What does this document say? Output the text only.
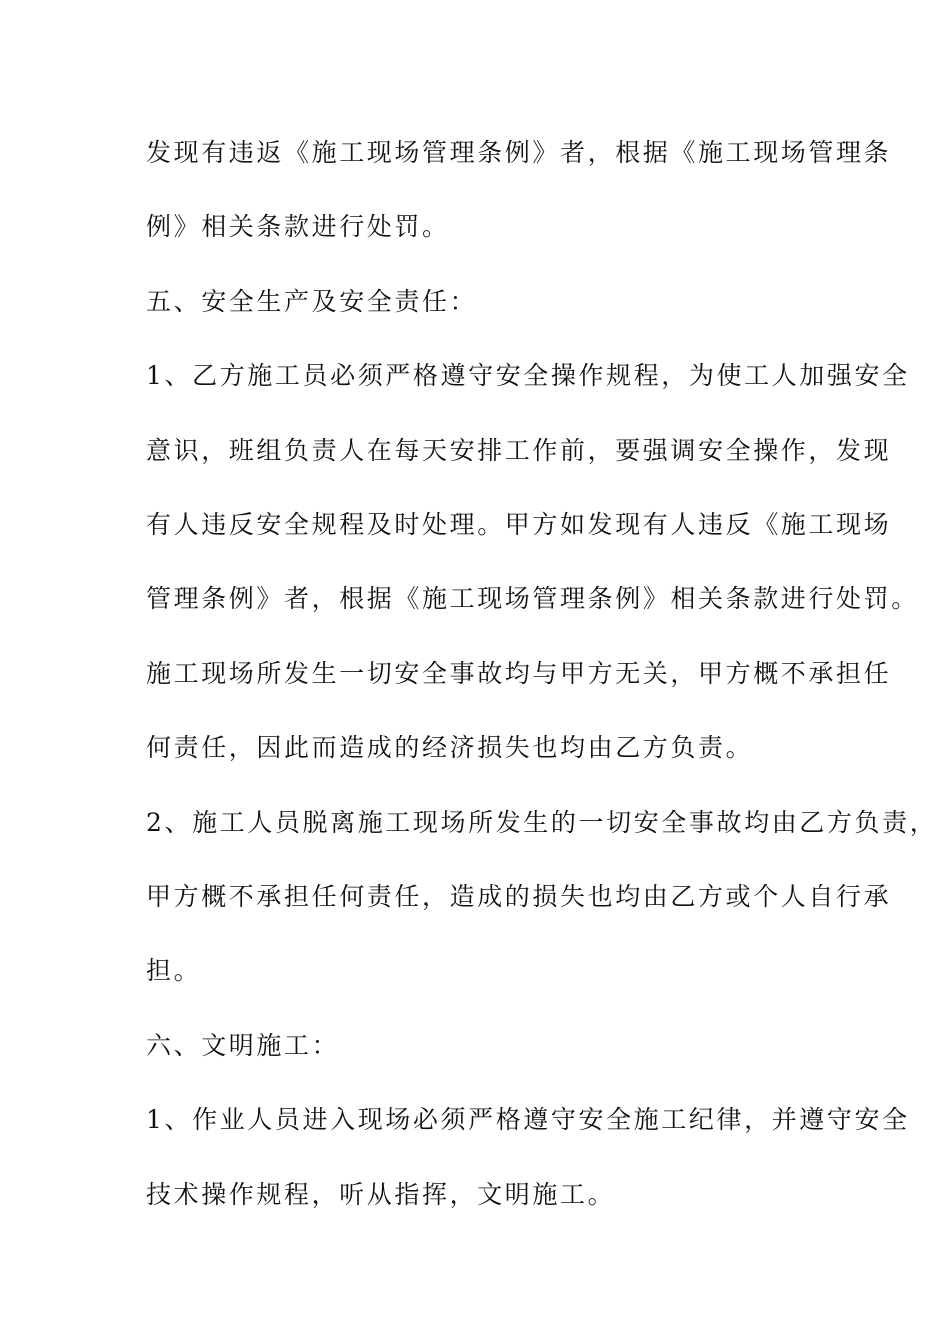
发现有违返《施工现场管理条例》者，根据《施工现场管理条
例》相关条款进行处罚。
五、安全生产及安全责任：
1、乙方施工员必须严格遵守安全操作规程，为使工人加强安全
意识，班组负责人在每天安排工作前，要强调安全操作，发现
有人违反安全规程及时处理。甲方如发现有人违反《施工现场
管理条例》者，根据《施工现场管理条例》相关条款进行处罚。
施工现场所发生一切安全事故均与甲方无关，甲方概不承担任
何责任，因此而造成的经济损失也均由乙方负责。
2、施工人员脱离施工现场所发生的一切安全事故均由乙方负责，
甲方概不承担任何责任，造成的损失也均由乙方或个人自行承
担。
六、文明施工：
1、作业人员进入现场必须严格遵守安全施工纪律，并遵守安全
技术操作规程，听从指挥，文明施工。
